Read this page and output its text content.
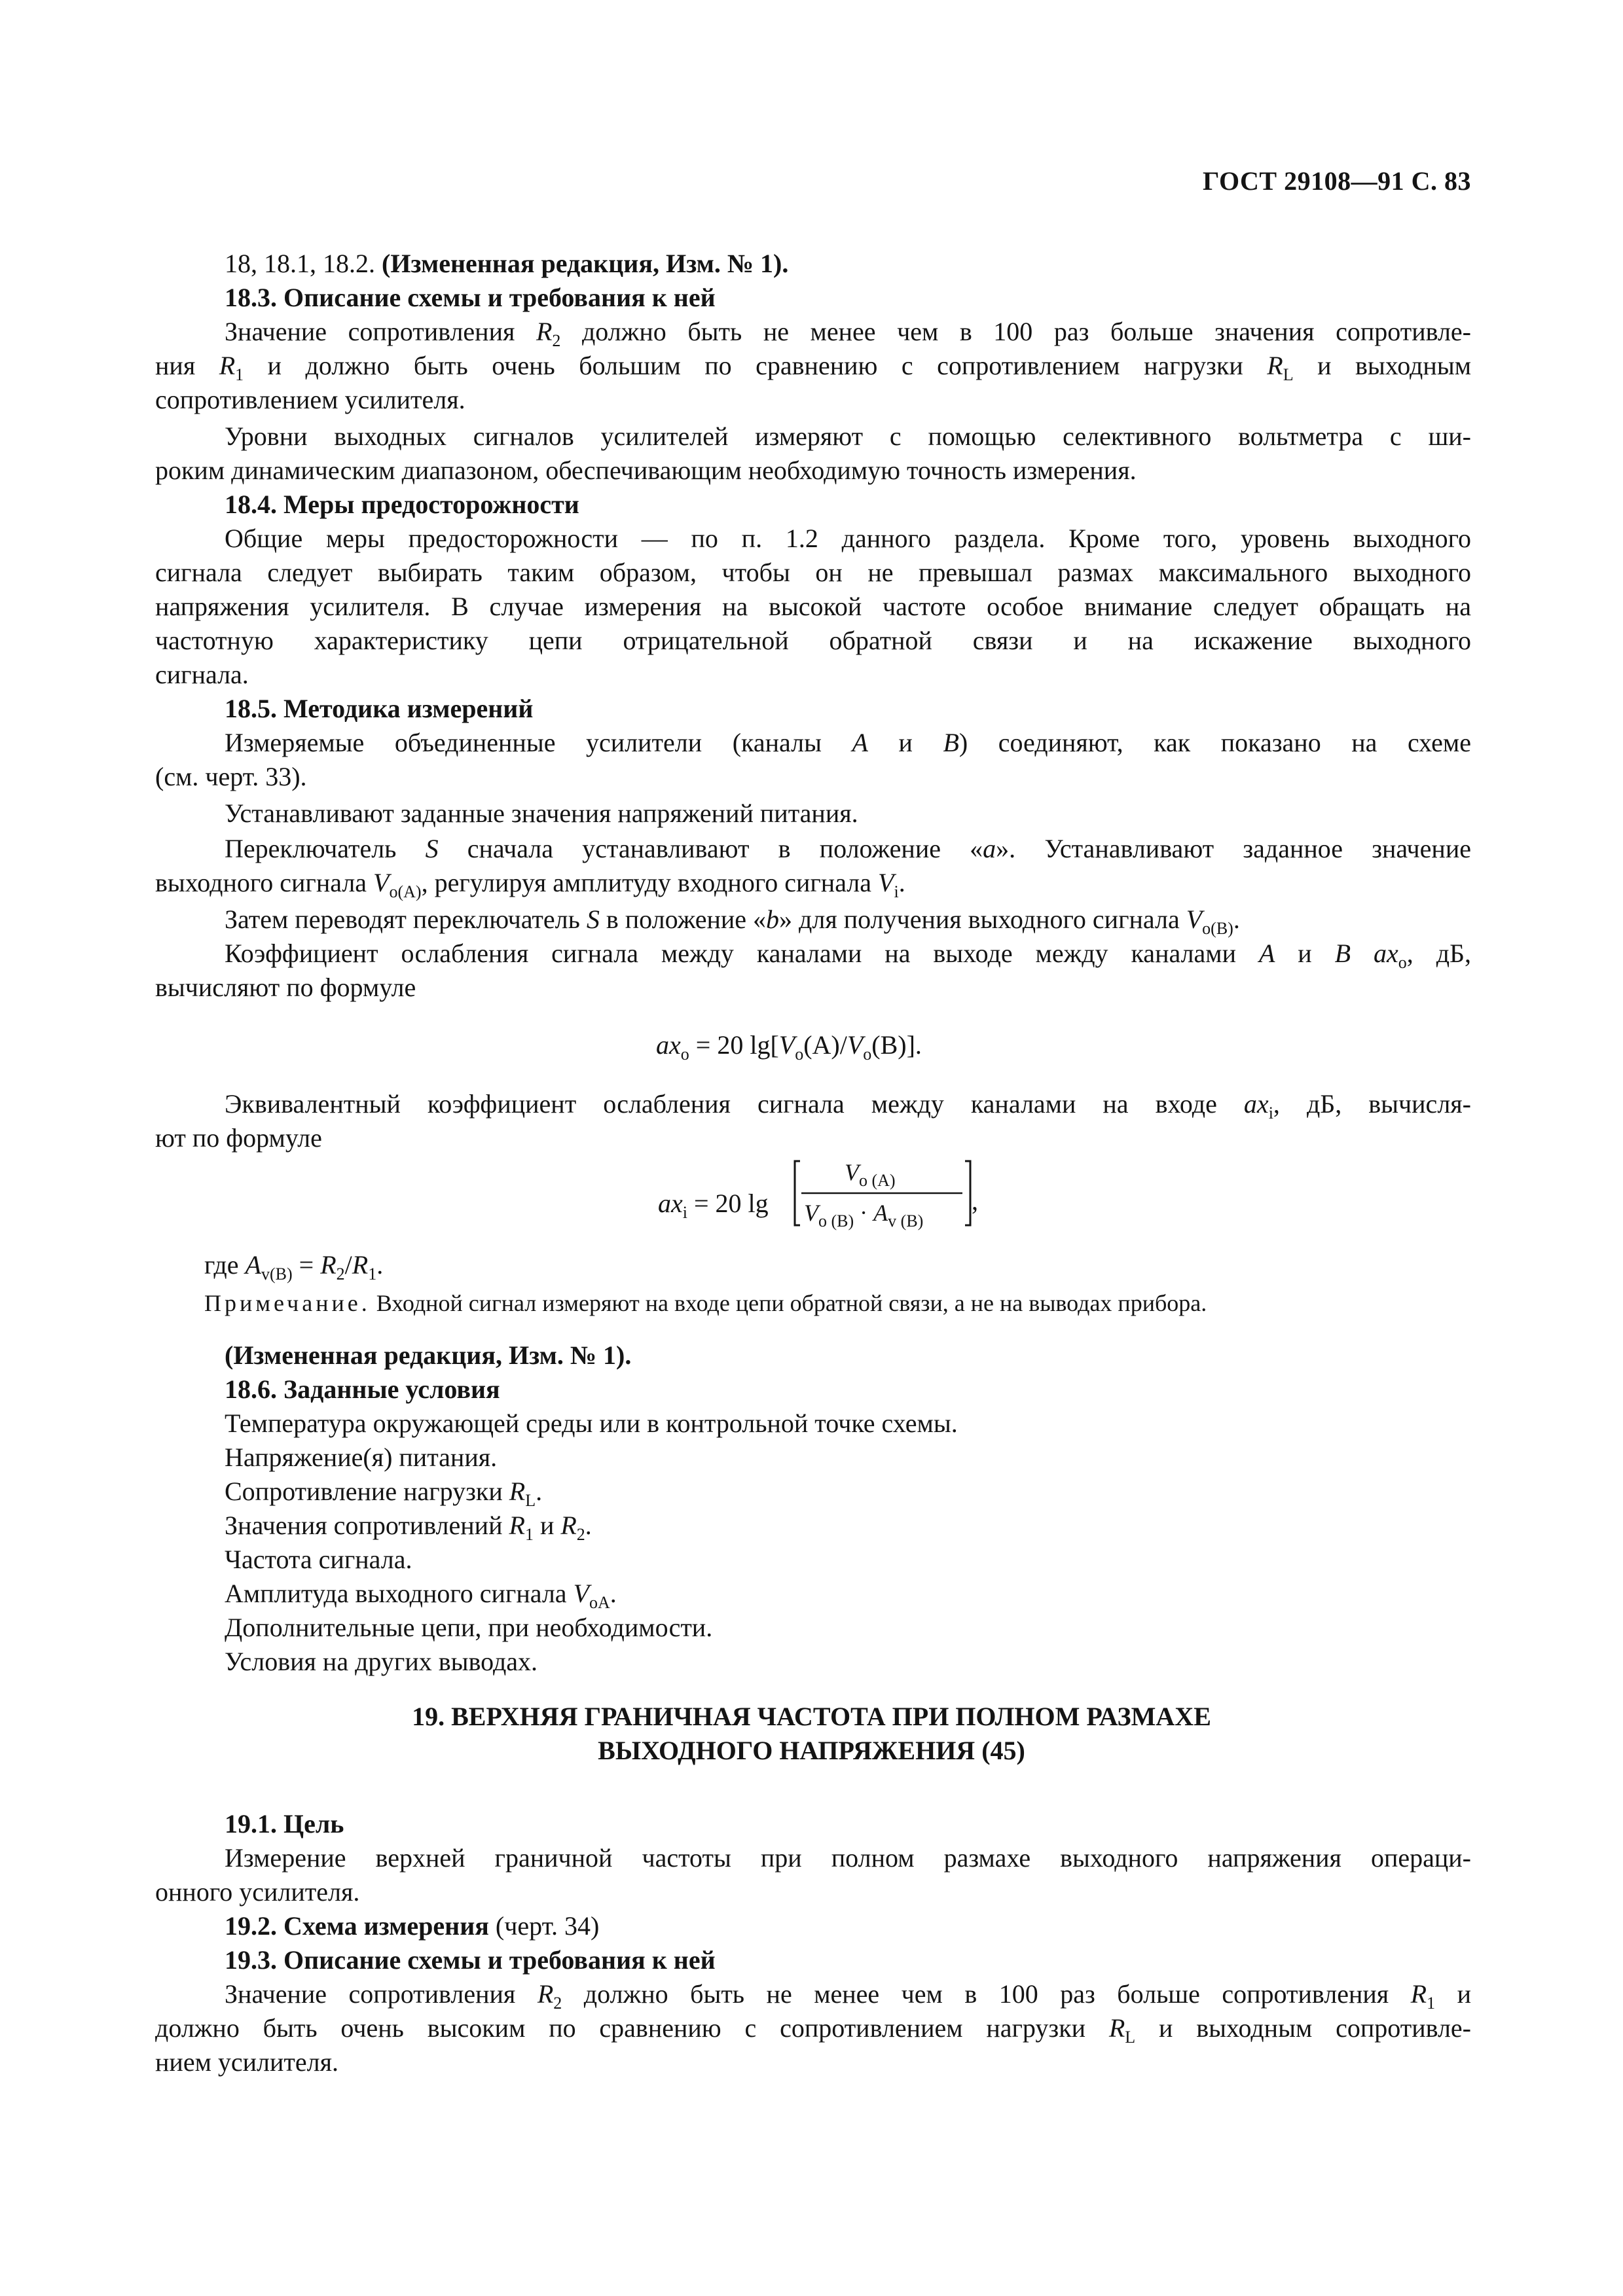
ГОСТ 29108—91 С. 83
18, 18.1, 18.2. (Измененная редакция, Изм. № 1).
18.3. Описание схемы и требования к ней
Значение сопротивления $R_2$ должно быть не менее чем в 100 раз больше значения сопротивле-
ния $R_1$ и должно быть очень большим по сравнению с сопротивлением нагрузки $R_L$ и выходным
сопротивлением усилителя.
Уровни выходных сигналов усилителей измеряют с помощью селективного вольтметра с ши-
роким динамическим диапазоном, обеспечивающим необходимую точность измерения.
18.4. Меры предосторожности
Общие меры предосторожности — по п. 1.2 данного раздела. Кроме того, уровень выходного
сигнала следует выбирать таким образом, чтобы он не превышал размах максимального выходного
напряжения усилителя. В случае измерения на высокой частоте особое внимание следует обращать на
частотную характеристику цепи отрицательной обратной связи и на искажение выходного
сигнала.
18.5. Методика измерений
Измеряемые объединенные усилители (каналы A и B) соединяют, как показано на схеме
(см. черт. 33).
Устанавливают заданные значения напряжений питания.
Переключатель S сначала устанавливают в положение «a». Устанавливают заданное значение
выходного сигнала $V_{o(A)}$, регулируя амплитуду входного сигнала $V_i$.
Затем переводят переключатель S в положение «b» для получения выходного сигнала $V_{o(B)}$.
Коэффициент ослабления сигнала между каналами на выходе между каналами A и B $ax_o$, дБ,
вычисляют по формуле
$ax_o = 20$ $\lg[V_o(A)/V_o(B)]$.
Эквивалентный коэффициент ослабления сигнала между каналами на входе $ax_i$, дБ, вычисля-
ют по формуле
$ax_i = 20$ lg
$V_{o (A)}$
$V_{o (B)} \cdot A_{v (B)}$
,
где $A_{v(B)} = R_2/R_1$.
Примечание. Входной сигнал измеряют на входе цепи обратной связи, а не на выводах прибора.
(Измененная редакция, Изм. № 1).
18.6. Заданные условия
Температура окружающей среды или в контрольной точке схемы.
Напряжение(я) питания.
Сопротивление нагрузки $R_L$.
Значения сопротивлений $R_1$ и $R_2$.
Частота сигнала.
Амплитуда выходного сигнала $V_{oA}$.
Дополнительные цепи, при необходимости.
Условия на других выводах.
19. ВЕРХНЯЯ ГРАНИЧНАЯ ЧАСТОТА ПРИ ПОЛНОМ РАЗМАХЕ
ВЫХОДНОГО НАПРЯЖЕНИЯ (45)
19.1. Цель
Измерение верхней граничной частоты при полном размахе выходного напряжения операци-
онного усилителя.
19.2. Схема измерения (черт. 34)
19.3. Описание схемы и требования к ней
Значение сопротивления $R_2$ должно быть не менее чем в 100 раз больше сопротивления $R_1$ и
должно быть очень высоким по сравнению с сопротивлением нагрузки $R_L$ и выходным сопротивле-
нием усилителя.
